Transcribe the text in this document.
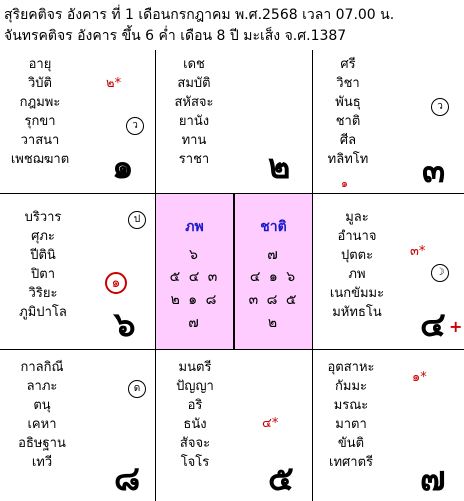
สุริยคติจร อังคาร ที่ 1 เดือนกรกฎาคม พ.ศ.2568 เวลา 07.00 น.
จันทรคติจร อังคาร ขึ้น 6 ค่ำ เดือน 8 ปี มะเส็ง จ.ศ.1387
อายุ
วิบัติ
กฎมพะ
รุกขา
วาสนา
เพชฌฆาต
๒*
ว
๑
เดช
สมบัติ
สหัสจะ
ยานัง
ทาน
ราชา	๒
ศรี
วิชา
พันธุ
ชาติ
ศีล
ทลิทโท
ว
๑ ๓
บริวาร
ศุภะ
ปีตินิ
ปิตา
วิริยะ
ภูมิปาโล
ป
๑
๖
ภพ
๖
๕ ๔ ๓
๒ ๑ ๘
๗
ชาติ
๗
๔ ๑ ๖
๓ ๘ ๕
๒
มูละ
อำนาจ
ปุตตะ
ภพ
เนกขัมมะ
มหัทธโน
๓*
☽
๔ +
กาลกิณี
ลาภะ
ตนุ
เคหา
อธิษฐาน
เทวี
ด
๘
มนตรี
ปัญญา
อริ
ธนัง
สัจจะ
โจโร
๔*
๕
อุตสาหะ
กัมมะ
มรณะ
มาตา
ขันติ
เทศาตรี
๑*
๗
